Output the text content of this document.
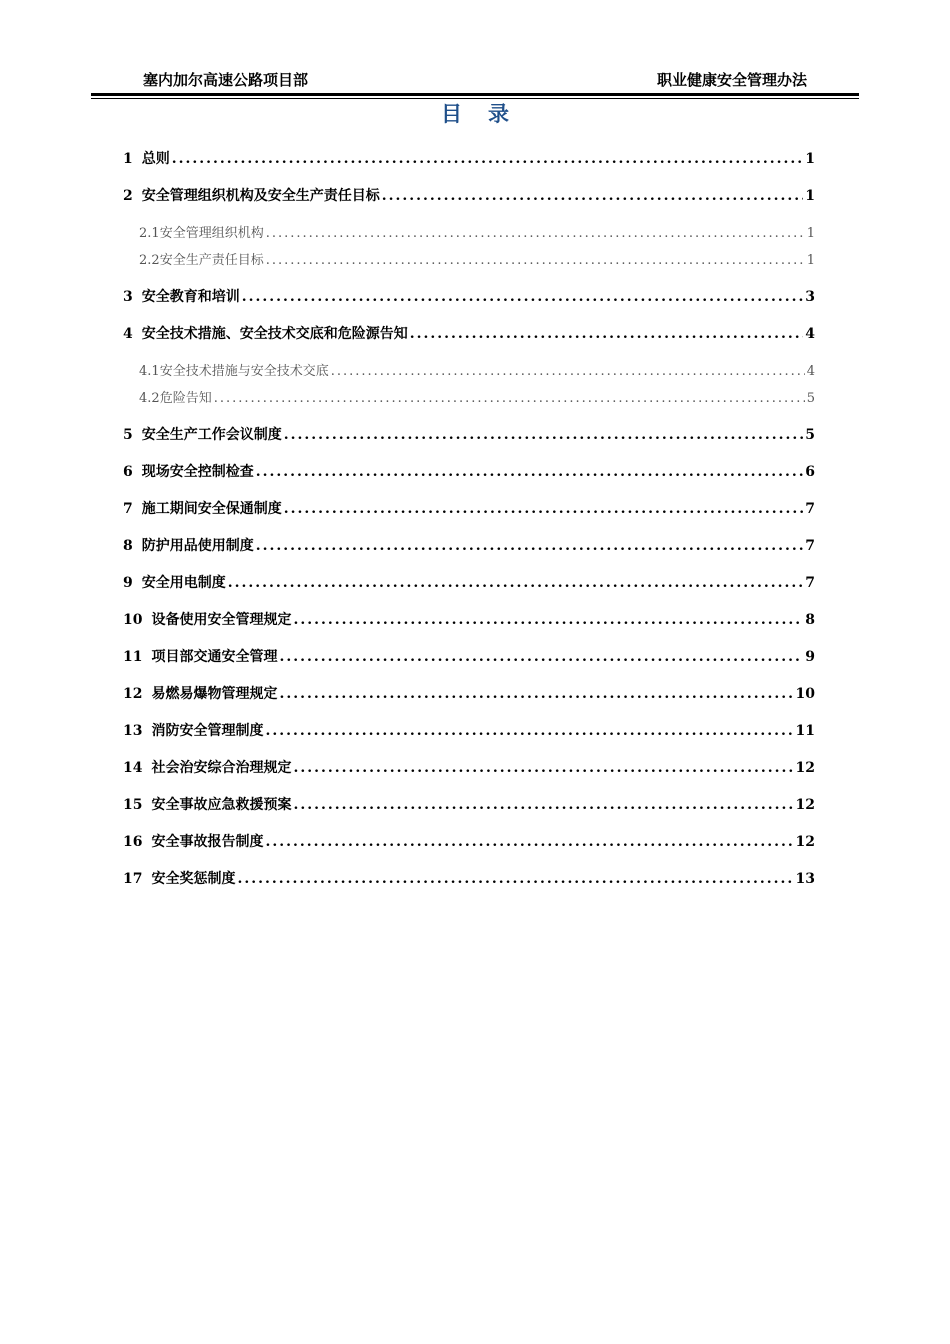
塞内加尔高速公路项目部	职业健康安全管理办法
目录
1 总则 .....	1
2 安全管理组织机构及安全生产责任目标 .....	1
2.1 安全管理组织机构 .....	1
2.2 安全生产责任目标 .....	1
3 安全教育和培训 .....	3
4 安全技术措施、安全技术交底和危险源告知 .....	4
4.1 安全技术措施与安全技术交底 .....	4
4.2 危险告知 .....	5
5 安全生产工作会议制度 .....	5
6 现场安全控制检查 .....	6
7 施工期间安全保通制度 .....	7
8 防护用品使用制度 .....	7
9 安全用电制度 .....	7
10 设备使用安全管理规定 .....	8
11 项目部交通安全管理 .....	9
12 易燃易爆物管理规定 .....	10
13 消防安全管理制度 .....	11
14 社会治安综合治理规定 .....	12
15 安全事故应急救援预案 .....	12
16 安全事故报告制度 .....	12
17 安全奖惩制度 .....	13
